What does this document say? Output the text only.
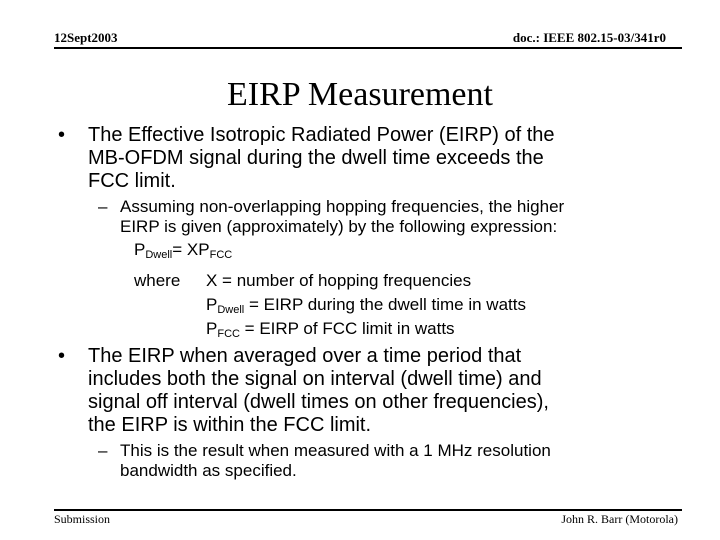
12Sept2003	doc.: IEEE 802.15-03/341r0
EIRP Measurement
• The Effective Isotropic Radiated Power (EIRP) of the
MB-OFDM signal during the dwell time exceeds the
FCC limit.
– Assuming non-overlapping hopping frequencies, the higher
EIRP is given (approximately) by the following expression:
$P_{Dwell}= XP_{FCC}$
where X = number of hopping frequencies
$P_{Dwell}$ = EIRP during the dwell time in watts
$P_{FCC}$ = EIRP of FCC limit in watts
• The EIRP when averaged over a time period that
includes both the signal on interval (dwell time) and
signal off interval (dwell times on other frequencies),
the EIRP is within the FCC limit.
– This is the result when measured with a 1 MHz resolution
bandwidth as specified.
Submission	John R. Barr (Motorola)
